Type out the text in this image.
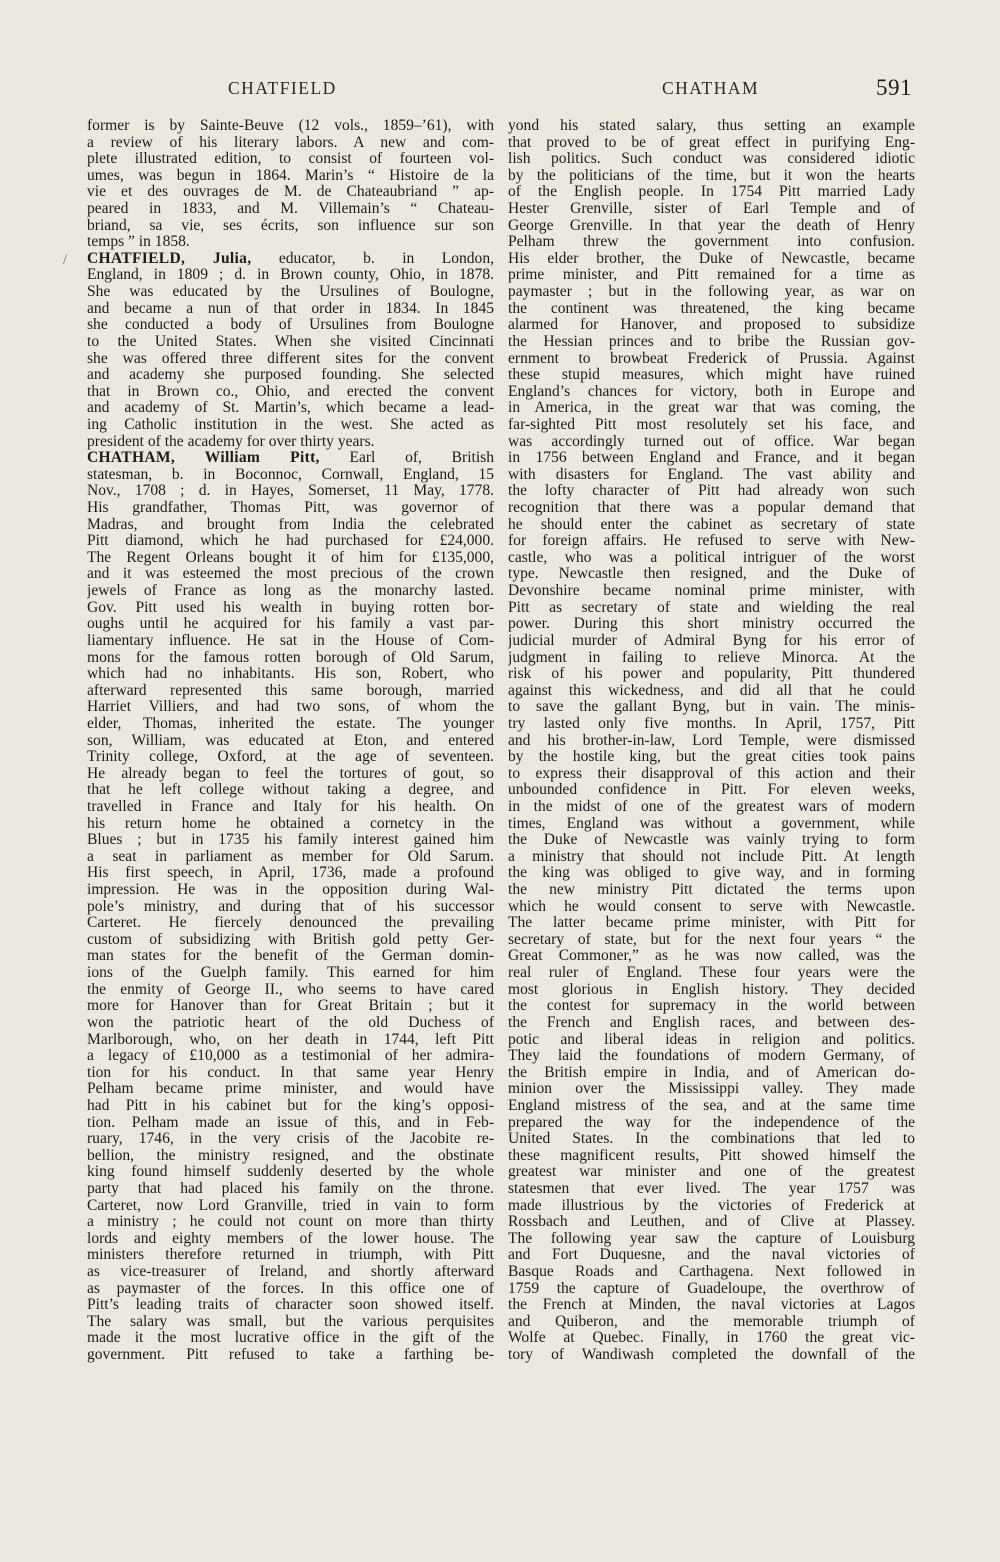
CHATFIELD	CHATHAM	591
/
former is by Sainte-Beuve (12 vols., 1859–’61), with
a review of his literary labors. A new and com-
plete illustrated edition, to consist of fourteen vol-
umes, was begun in 1864. Marin’s “ Histoire de la
vie et des ouvrages de M. de Chateaubriand ” ap-
peared in 1833, and M. Villemain’s “ Chateau-
briand, sa vie, ses écrits, son influence sur son
temps ” in 1858.
CHATFIELD, Julia, educator, b. in London,
England, in 1809 ; d. in Brown county, Ohio, in 1878.
She was educated by the Ursulines of Boulogne,
and became a nun of that order in 1834. In 1845
she conducted a body of Ursulines from Boulogne
to the United States. When she visited Cincinnati
she was offered three different sites for the convent
and academy she purposed founding. She selected
that in Brown co., Ohio, and erected the convent
and academy of St. Martin’s, which became a lead-
ing Catholic institution in the west. She acted as
president of the academy for over thirty years.
CHATHAM, William Pitt, Earl of, British
statesman, b. in Boconnoc, Cornwall, England, 15
Nov., 1708 ; d. in Hayes, Somerset, 11 May, 1778.
His grandfather, Thomas Pitt, was governor of
Madras, and brought from India the celebrated
Pitt diamond, which he had purchased for £24,000.
The Regent Orleans bought it of him for £135,000,
and it was esteemed the most precious of the crown
jewels of France as long as the monarchy lasted.
Gov. Pitt used his wealth in buying rotten bor-
oughs until he acquired for his family a vast par-
liamentary influence. He sat in the House of Com-
mons for the famous rotten borough of Old Sarum,
which had no inhabitants. His son, Robert, who
afterward represented this same borough, married
Harriet Villiers, and had two sons, of whom the
elder, Thomas, inherited the estate. The younger
son, William, was educated at Eton, and entered
Trinity college, Oxford, at the age of seventeen.
He already began to feel the tortures of gout, so
that he left college without taking a degree, and
travelled in France and Italy for his health. On
his return home he obtained a cornetcy in the
Blues ; but in 1735 his family interest gained him
a seat in parliament as member for Old Sarum.
His first speech, in April, 1736, made a profound
impression. He was in the opposition during Wal-
pole’s ministry, and during that of his successor
Carteret. He fiercely denounced the prevailing
custom of subsidizing with British gold petty Ger-
man states for the benefit of the German domin-
ions of the Guelph family. This earned for him
the enmity of George II., who seems to have cared
more for Hanover than for Great Britain ; but it
won the patriotic heart of the old Duchess of
Marlborough, who, on her death in 1744, left Pitt
a legacy of £10,000 as a testimonial of her admira-
tion for his conduct. In that same year Henry
Pelham became prime minister, and would have
had Pitt in his cabinet but for the king’s opposi-
tion. Pelham made an issue of this, and in Feb-
ruary, 1746, in the very crisis of the Jacobite re-
bellion, the ministry resigned, and the obstinate
king found himself suddenly deserted by the whole
party that had placed his family on the throne.
Carteret, now Lord Granville, tried in vain to form
a ministry ; he could not count on more than thirty
lords and eighty members of the lower house. The
ministers therefore returned in triumph, with Pitt
as vice-treasurer of Ireland, and shortly afterward
as paymaster of the forces. In this office one of
Pitt’s leading traits of character soon showed itself.
The salary was small, but the various perquisites
made it the most lucrative office in the gift of the
government. Pitt refused to take a farthing be-
yond his stated salary, thus setting an example
that proved to be of great effect in purifying Eng-
lish politics. Such conduct was considered idiotic
by the politicians of the time, but it won the hearts
of the English people. In 1754 Pitt married Lady
Hester Grenville, sister of Earl Temple and of
George Grenville. In that year the death of Henry
Pelham threw the government into confusion.
His elder brother, the Duke of Newcastle, became
prime minister, and Pitt remained for a time as
paymaster ; but in the following year, as war on
the continent was threatened, the king became
alarmed for Hanover, and proposed to subsidize
the Hessian princes and to bribe the Russian gov-
ernment to browbeat Frederick of Prussia. Against
these stupid measures, which might have ruined
England’s chances for victory, both in Europe and
in America, in the great war that was coming, the
far-sighted Pitt most resolutely set his face, and
was accordingly turned out of office. War began
in 1756 between England and France, and it began
with disasters for England. The vast ability and
the lofty character of Pitt had already won such
recognition that there was a popular demand that
he should enter the cabinet as secretary of state
for foreign affairs. He refused to serve with New-
castle, who was a political intriguer of the worst
type. Newcastle then resigned, and the Duke of
Devonshire became nominal prime minister, with
Pitt as secretary of state and wielding the real
power. During this short ministry occurred the
judicial murder of Admiral Byng for his error of
judgment in failing to relieve Minorca. At the
risk of his power and popularity, Pitt thundered
against this wickedness, and did all that he could
to save the gallant Byng, but in vain. The minis-
try lasted only five months. In April, 1757, Pitt
and his brother-in-law, Lord Temple, were dismissed
by the hostile king, but the great cities took pains
to express their disapproval of this action and their
unbounded confidence in Pitt. For eleven weeks,
in the midst of one of the greatest wars of modern
times, England was without a government, while
the Duke of Newcastle was vainly trying to form
a ministry that should not include Pitt. At length
the king was obliged to give way, and in forming
the new ministry Pitt dictated the terms upon
which he would consent to serve with Newcastle.
The latter became prime minister, with Pitt for
secretary of state, but for the next four years “ the
Great Commoner,” as he was now called, was the
real ruler of England. These four years were the
most glorious in English history. They decided
the contest for supremacy in the world between
the French and English races, and between des-
potic and liberal ideas in religion and politics.
They laid the foundations of modern Germany, of
the British empire in India, and of American do-
minion over the Mississippi valley. They made
England mistress of the sea, and at the same time
prepared the way for the independence of the
United States. In the combinations that led to
these magnificent results, Pitt showed himself the
greatest war minister and one of the greatest
statesmen that ever lived. The year 1757 was
made illustrious by the victories of Frederick at
Rossbach and Leuthen, and of Clive at Plassey.
The following year saw the capture of Louisburg
and Fort Duquesne, and the naval victories of
Basque Roads and Carthagena. Next followed in
1759 the capture of Guadeloupe, the overthrow of
the French at Minden, the naval victories at Lagos
and Quiberon, and the memorable triumph of
Wolfe at Quebec. Finally, in 1760 the great vic-
tory of Wandiwash completed the downfall of the
